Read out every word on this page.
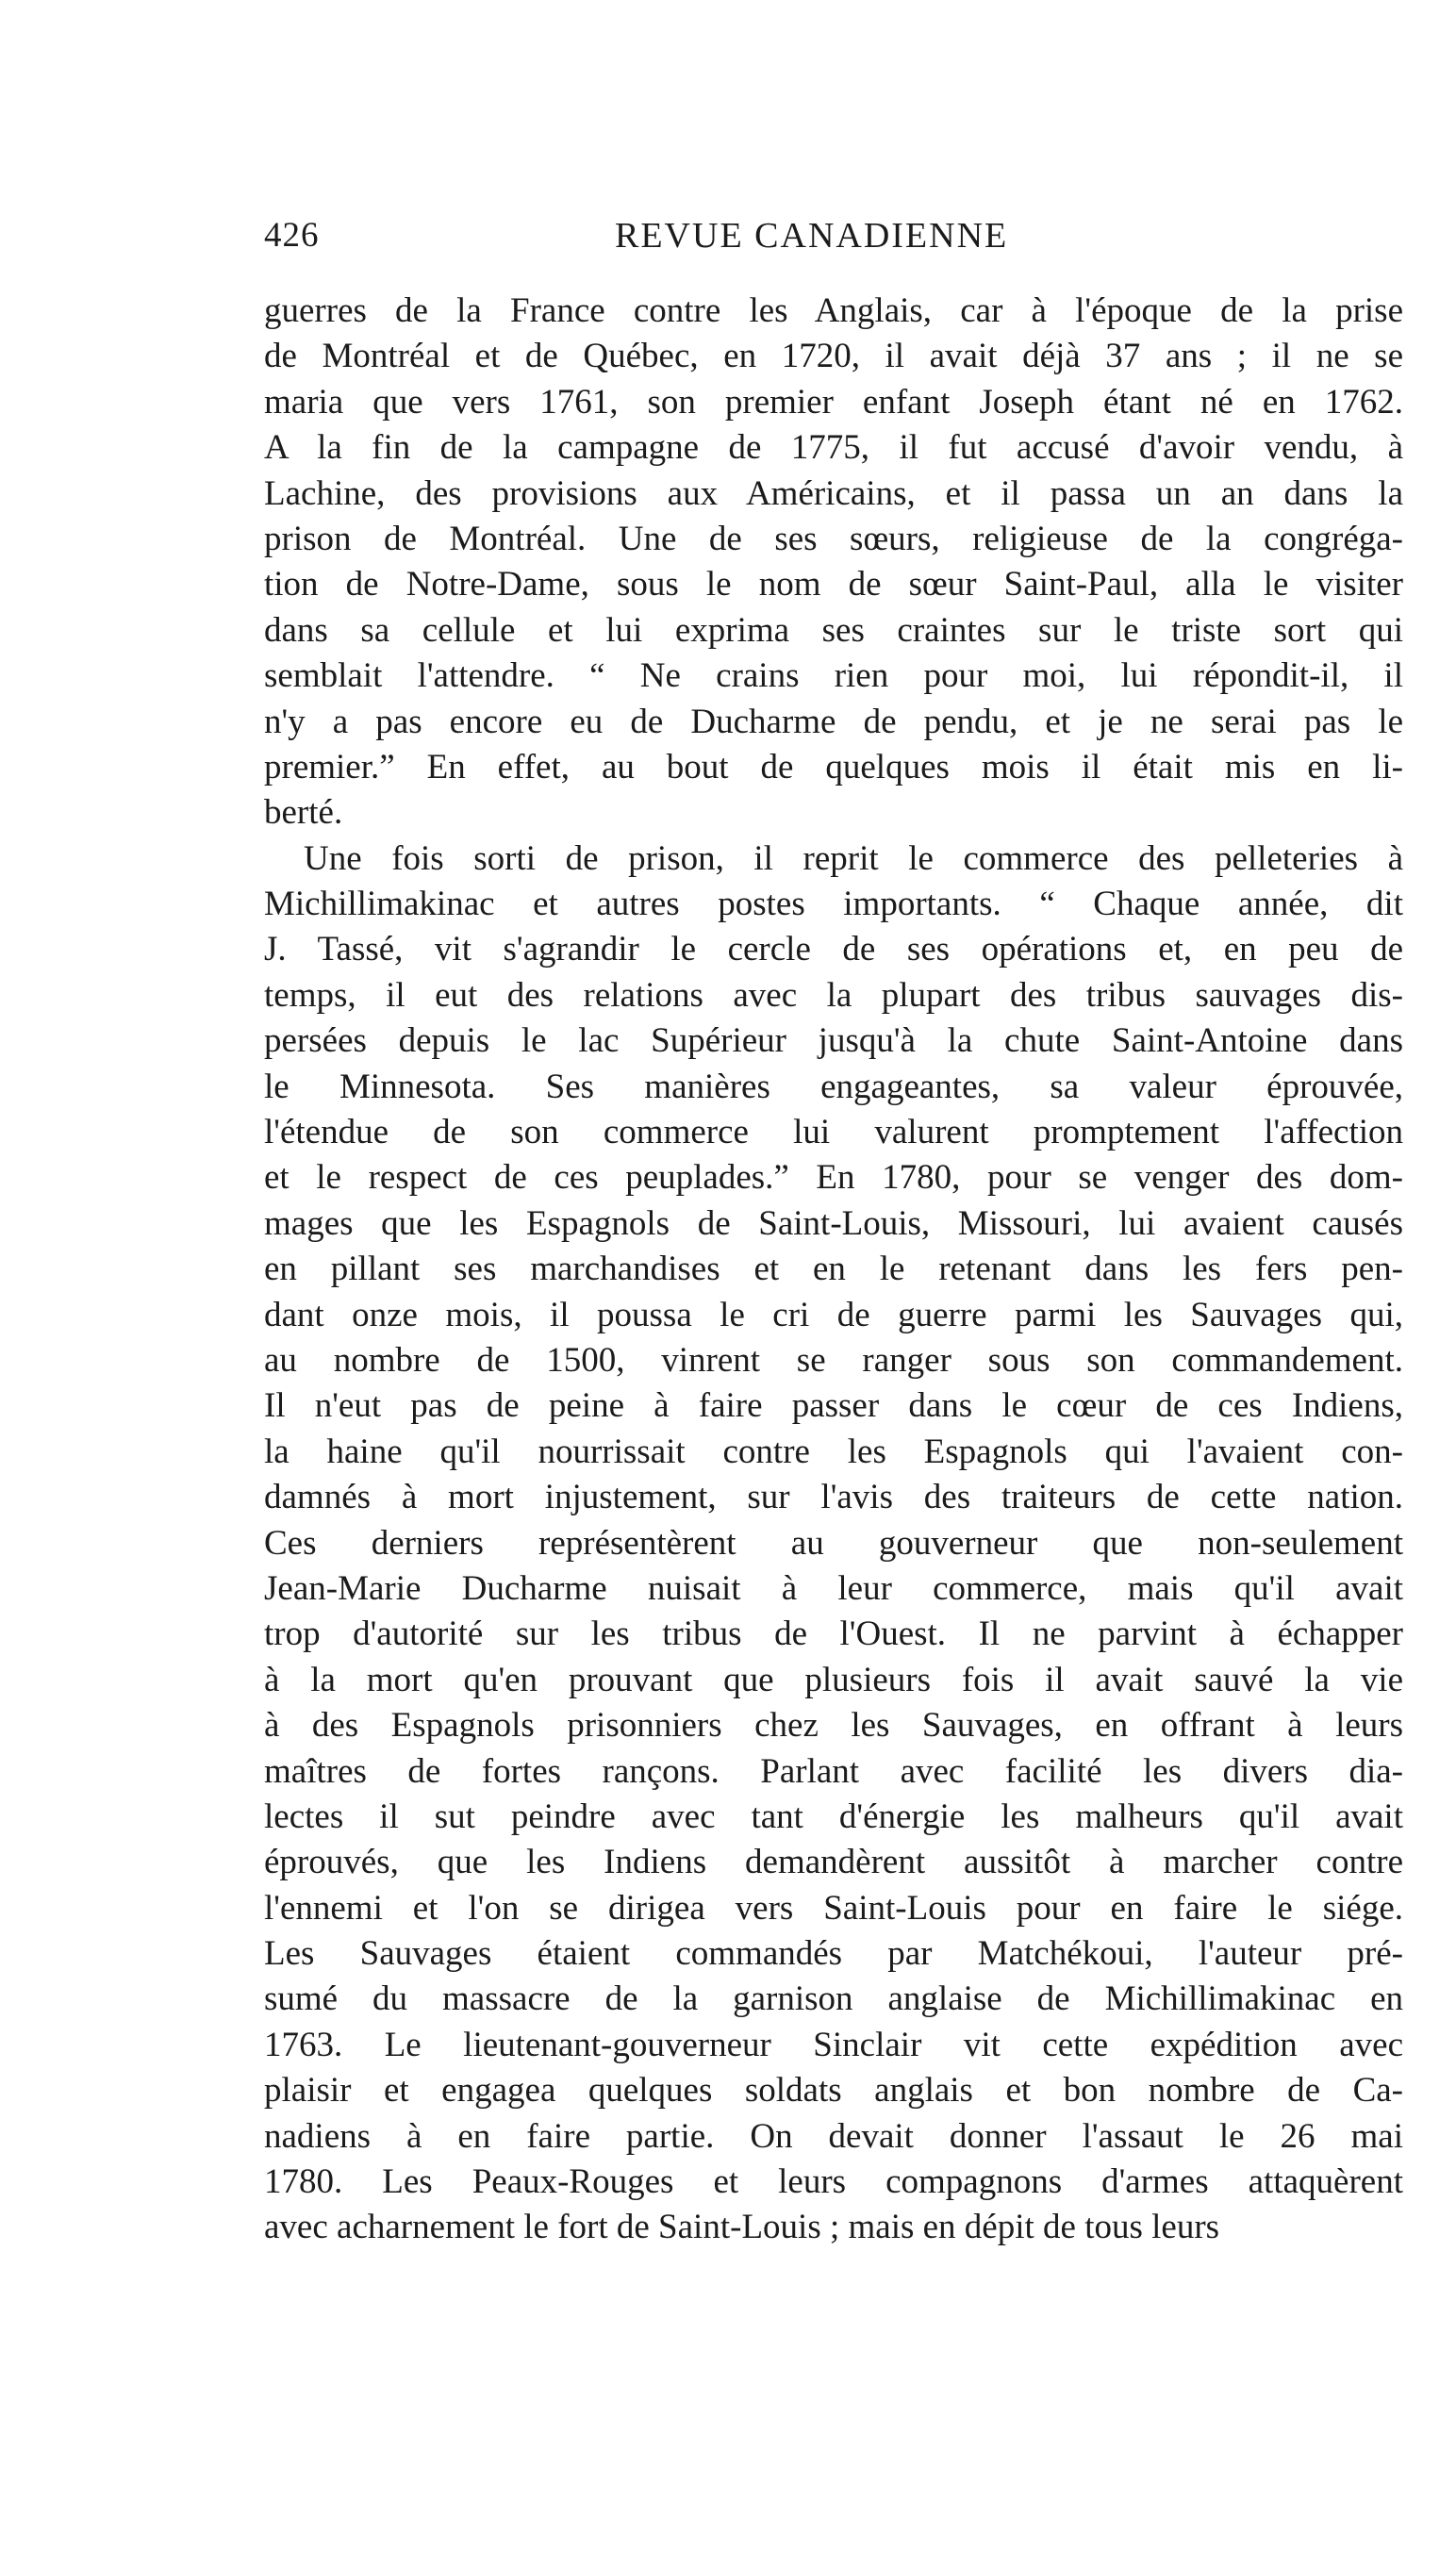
426	REVUE CANADIENNE
guerres de la France contre les Anglais, car à l'époque de la prise
de Montréal et de Québec, en 1720, il avait déjà 37 ans ; il ne se
maria que vers 1761, son premier enfant Joseph étant né en 1762.
A la fin de la campagne de 1775, il fut accusé d'avoir vendu, à
Lachine, des provisions aux Américains, et il passa un an dans la
prison de Montréal. Une de ses sœurs, religieuse de la congréga-
tion de Notre-Dame, sous le nom de sœur Saint-Paul, alla le visiter
dans sa cellule et lui exprima ses craintes sur le triste sort qui
semblait l'attendre. “ Ne crains rien pour moi, lui répondit-il, il
n'y a pas encore eu de Ducharme de pendu, et je ne serai pas le
premier.” En effet, au bout de quelques mois il était mis en li-
berté.
Une fois sorti de prison, il reprit le commerce des pelleteries à
Michillimakinac et autres postes importants. “ Chaque année, dit
J. Tassé, vit s'agrandir le cercle de ses opérations et, en peu de
temps, il eut des relations avec la plupart des tribus sauvages dis-
persées depuis le lac Supérieur jusqu'à la chute Saint-Antoine dans
le Minnesota. Ses manières engageantes, sa valeur éprouvée,
l'étendue de son commerce lui valurent promptement l'affection
et le respect de ces peuplades.” En 1780, pour se venger des dom-
mages que les Espagnols de Saint-Louis, Missouri, lui avaient causés
en pillant ses marchandises et en le retenant dans les fers pen-
dant onze mois, il poussa le cri de guerre parmi les Sauvages qui,
au nombre de 1500, vinrent se ranger sous son commandement.
Il n'eut pas de peine à faire passer dans le cœur de ces Indiens,
la haine qu'il nourrissait contre les Espagnols qui l'avaient con-
damnés à mort injustement, sur l'avis des traiteurs de cette nation.
Ces derniers représentèrent au gouverneur que non-seulement
Jean-Marie Ducharme nuisait à leur commerce, mais qu'il avait
trop d'autorité sur les tribus de l'Ouest. Il ne parvint à échapper
à la mort qu'en prouvant que plusieurs fois il avait sauvé la vie
à des Espagnols prisonniers chez les Sauvages, en offrant à leurs
maîtres de fortes rançons. Parlant avec facilité les divers dia-
lectes il sut peindre avec tant d'énergie les malheurs qu'il avait
éprouvés, que les Indiens demandèrent aussitôt à marcher contre
l'ennemi et l'on se dirigea vers Saint-Louis pour en faire le siége.
Les Sauvages étaient commandés par Matchékoui, l'auteur pré-
sumé du massacre de la garnison anglaise de Michillimakinac en
1763. Le lieutenant-gouverneur Sinclair vit cette expédition avec
plaisir et engagea quelques soldats anglais et bon nombre de Ca-
nadiens à en faire partie. On devait donner l'assaut le 26 mai
1780. Les Peaux-Rouges et leurs compagnons d'armes attaquèrent
avec acharnement le fort de Saint-Louis ; mais en dépit de tous leurs
